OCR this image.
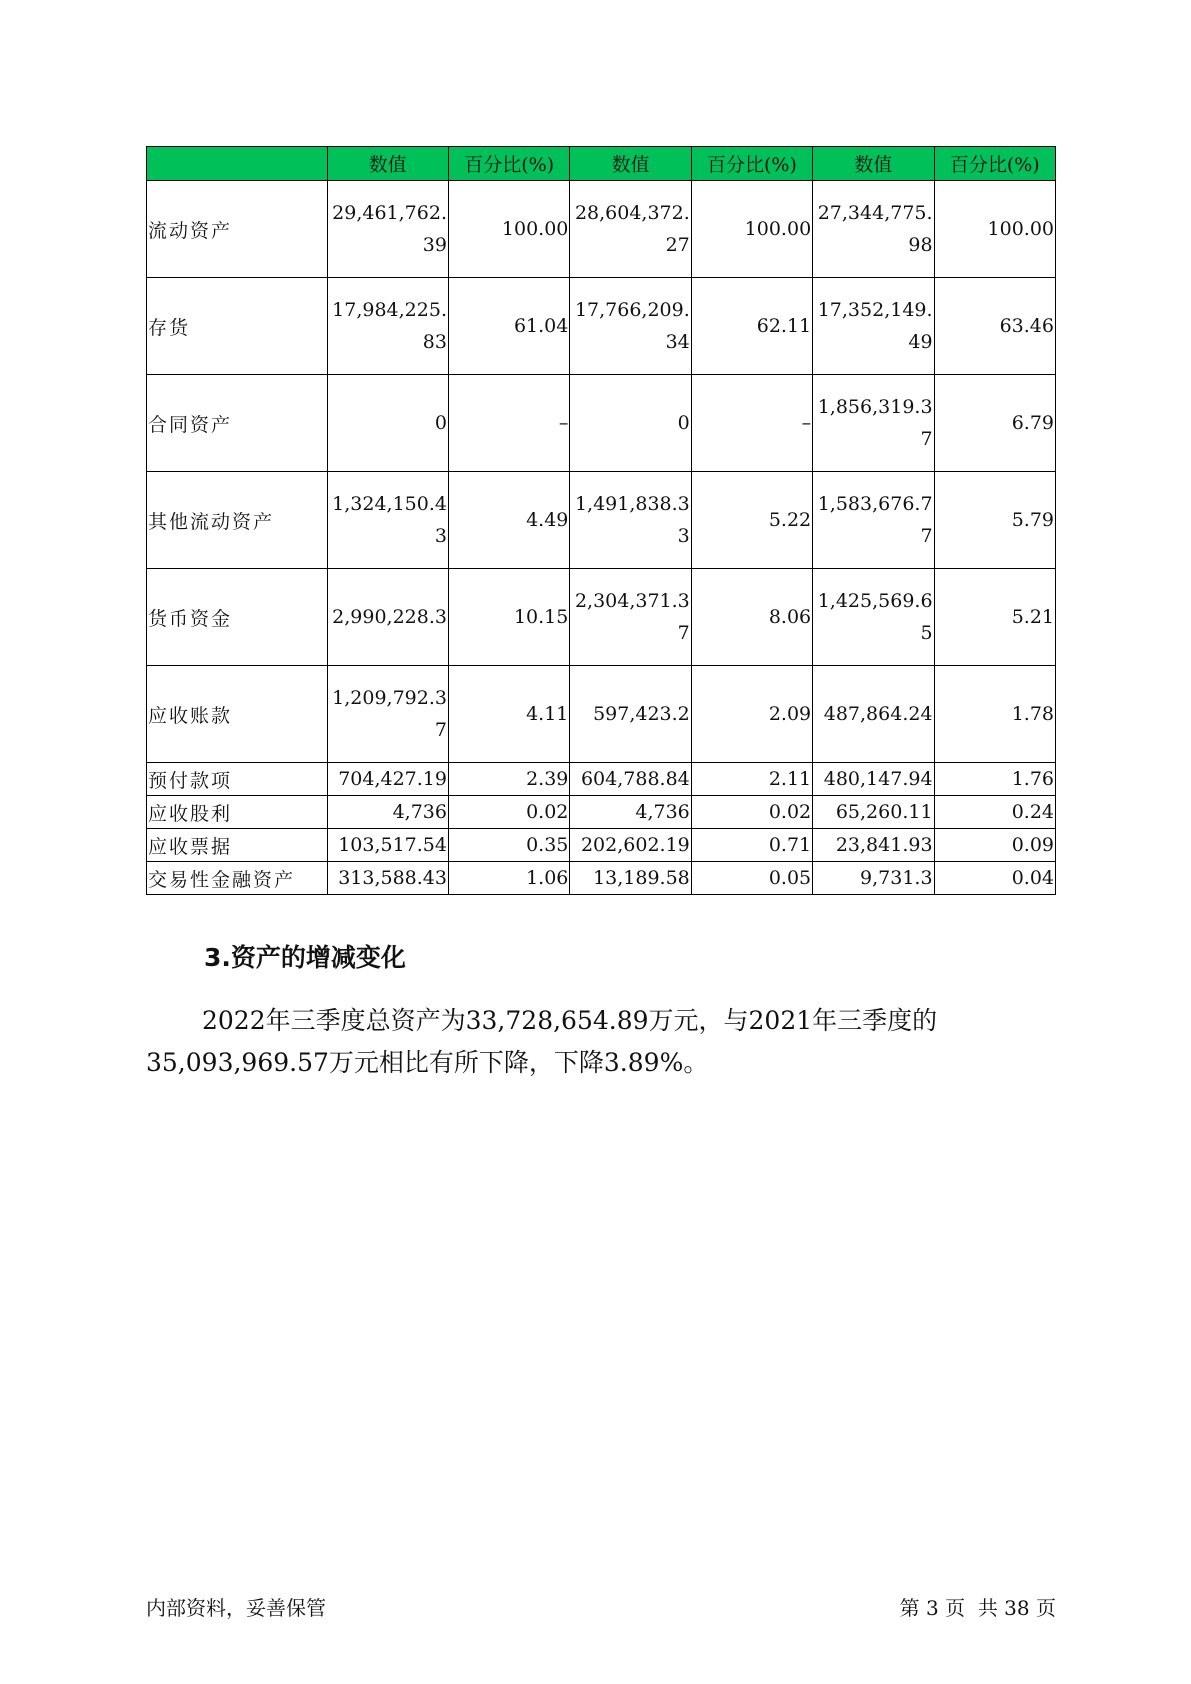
	数值	百分比(%)	数值	百分比(%)	数值	百分比(%)
流动资产	29,461,762.39	100.00	28,604,372.27	100.00	27,344,775.98	100.00
存货	17,984,225.83	61.04	17,766,209.34	62.11	17,352,149.49	63.46
合同资产	0	–	0	–	1,856,319.37	6.79
其他流动资产	1,324,150.43	4.49	1,491,838.33	5.22	1,583,676.77	5.79
货币资金	2,990,228.3	10.15	2,304,371.37	8.06	1,425,569.65	5.21
应收账款	1,209,792.37	4.11	597,423.2	2.09	487,864.24	1.78
预付款项	704,427.19	2.39	604,788.84	2.11	480,147.94	1.76
应收股利	4,736	0.02	4,736	0.02	65,260.11	0.24
应收票据	103,517.54	0.35	202,602.19	0.71	23,841.93	0.09
交易性金融资产	313,588.43	1.06	13,189.58	0.05	9,731.3	0.04
3.资产的增减变化

2022年三季度总资产为33,728,654.89万元，与2021年三季度的35,093,969.57万元相比有所下降，下降3.89%。

内部资料，妥善保管	第 3 页  共 38 页
